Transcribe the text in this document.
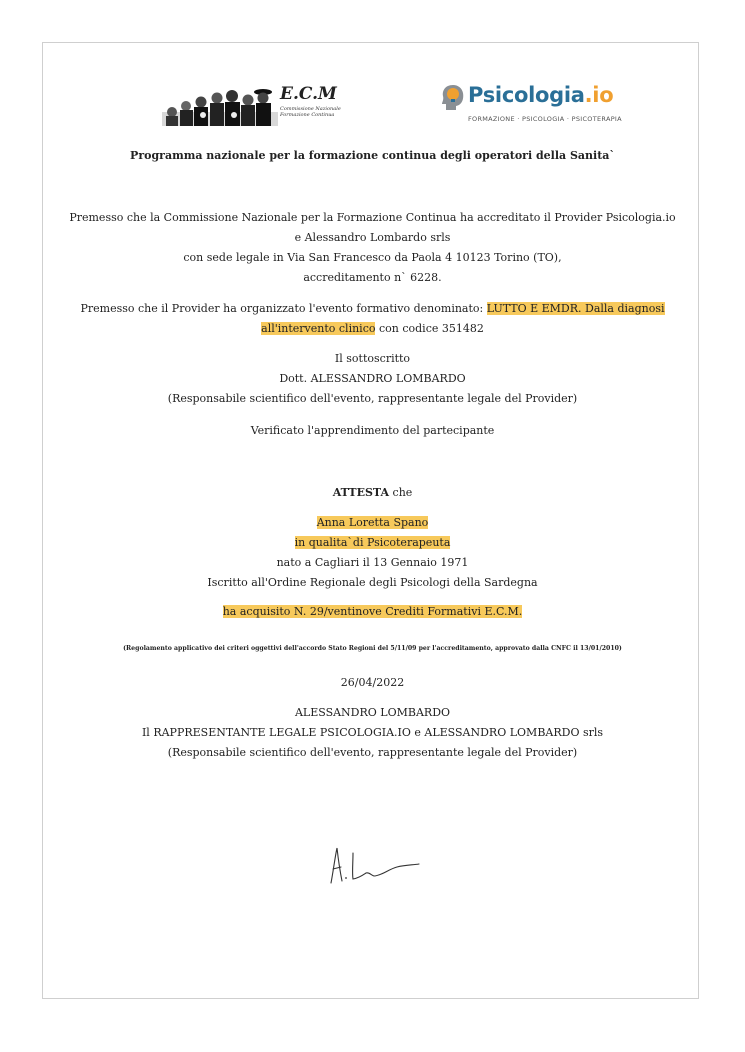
E.C.M
Commissione Nazionale
Formazione Continua
Psicologia.io
FORMAZIONE · PSICOLOGIA · PSICOTERAPIA
Programma nazionale per la formazione continua degli operatori della Sanita`
Premesso che la Commissione Nazionale per la Formazione Continua ha accreditato il Provider Psicologia.io
e Alessandro Lombardo srls
con sede legale in Via San Francesco da Paola 4 10123 Torino (TO),
accreditamento n` 6228.
Premesso che il Provider ha organizzato l'evento formativo denominato: LUTTO E EMDR. Dalla diagnosi
all'intervento clinico con codice 351482
Il sottoscritto
Dott. ALESSANDRO LOMBARDO
(Responsabile scientifico dell'evento, rappresentante legale del Provider)
Verificato l'apprendimento del partecipante
ATTESTA che
Anna Loretta Spano
in qualita`di Psicoterapeuta
nato a Cagliari il 13 Gennaio 1971
Iscritto all'Ordine Regionale degli Psicologi della Sardegna
ha acquisito N. 29/ventinove Crediti Formativi E.C.M.
(Regolamento applicativo dei criteri oggettivi dell'accordo Stato Regioni del 5/11/09 per l'accreditamento, approvato dalla CNFC il 13/01/2010)
26/04/2022
ALESSANDRO LOMBARDO
Il RAPPRESENTANTE LEGALE PSICOLOGIA.IO e ALESSANDRO LOMBARDO srls
(Responsabile scientifico dell'evento, rappresentante legale del Provider)
